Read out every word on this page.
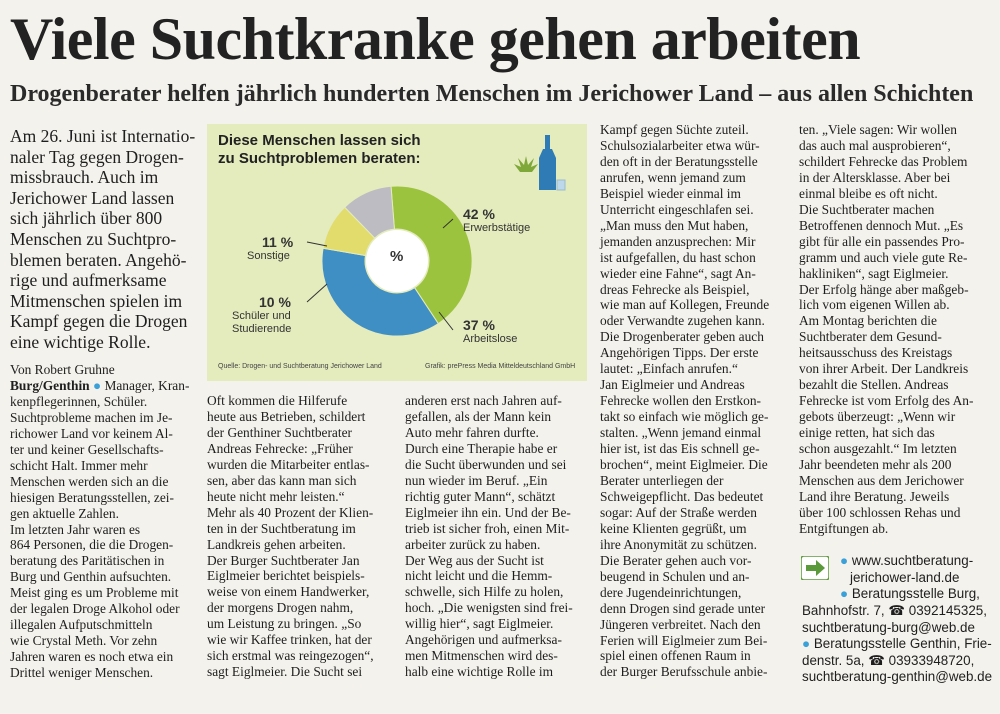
Viele Suchtkranke gehen arbeiten
Drogenberater helfen jährlich hunderten Menschen im Jerichower Land – aus allen Schichten
Am 26. Juni ist Internatio-
naler Tag gegen Drogen-
missbrauch. Auch im
Jerichower Land lassen
sich jährlich über 800
Menschen zu Suchtpro-
blemen beraten. Angehö-
rige und aufmerksame
Mitmenschen spielen im
Kampf gegen die Drogen
eine wichtige Rolle.
Diese Menschen lassen sich zu Suchtproblemen beraten:
42 %
Erwerbstätige
37 %
Arbeitslose
10 %
Schüler und Studierende
11 %
Sonstige	%
Quelle: Drogen- und Suchtberatung Jerichower Land	Grafik: prePress Media Mitteldeutschland GmbH
Von Robert Gruhne
Burg/Genthin ● Manager, Kran-
kenpflegerinnen, Schüler.
Suchtprobleme machen im Je-
richower Land vor keinem Al-
ter und keiner Gesellschafts-
schicht Halt. Immer mehr
Menschen werden sich an die
hiesigen Beratungsstellen, zei-
gen aktuelle Zahlen.
Im letzten Jahr waren es
864 Personen, die die Drogen-
beratung des Paritätischen in
Burg und Genthin aufsuchten.
Meist ging es um Probleme mit
der legalen Droge Alkohol oder
illegalen Aufputschmitteln
wie Crystal Meth. Vor zehn
Jahren waren es noch etwa ein
Drittel weniger Menschen.
Oft kommen die Hilferufe
heute aus Betrieben, schildert
der Genthiner Suchtberater
Andreas Fehrecke: „Früher
wurden die Mitarbeiter entlas-
sen, aber das kann man sich
heute nicht mehr leisten.“
Mehr als 40 Prozent der Klien-
ten in der Suchtberatung im
Landkreis gehen arbeiten.
Der Burger Suchtberater Jan
Eiglmeier berichtet beispiels-
weise von einem Handwerker,
der morgens Drogen nahm,
um Leistung zu bringen. „So
wie wir Kaffee trinken, hat der
sich erstmal was reingezogen“,
sagt Eiglmeier. Die Sucht sei
anderen erst nach Jahren auf-
gefallen, als der Mann kein
Auto mehr fahren durfte.
Durch eine Therapie habe er
die Sucht überwunden und sei
nun wieder im Beruf. „Ein
richtig guter Mann“, schätzt
Eiglmeier ihn ein. Und der Be-
trieb ist sicher froh, einen Mit-
arbeiter zurück zu haben.
Der Weg aus der Sucht ist
nicht leicht und die Hemm-
schwelle, sich Hilfe zu holen,
hoch. „Die wenigsten sind frei-
willig hier“, sagt Eiglmeier.
Angehörigen und aufmerksa-
men Mitmenschen wird des-
halb eine wichtige Rolle im
Kampf gegen Süchte zuteil.
Schulsozialarbeiter etwa wür-
den oft in der Beratungsstelle
anrufen, wenn jemand zum
Beispiel wieder einmal im
Unterricht eingeschlafen sei.
„Man muss den Mut haben,
jemanden anzusprechen: Mir
ist aufgefallen, du hast schon
wieder eine Fahne“, sagt An-
dreas Fehrecke als Beispiel,
wie man auf Kollegen, Freunde
oder Verwandte zugehen kann.
Die Drogenberater geben auch
Angehörigen Tipps. Der erste
lautet: „Einfach anrufen.“
Jan Eiglmeier und Andreas
Fehrecke wollen den Erstkon-
takt so einfach wie möglich ge-
stalten. „Wenn jemand einmal
hier ist, ist das Eis schnell ge-
brochen“, meint Eiglmeier. Die
Berater unterliegen der
Schweigepflicht. Das bedeutet
sogar: Auf der Straße werden
keine Klienten gegrüßt, um
ihre Anonymität zu schützen.
Die Berater gehen auch vor-
beugend in Schulen und an-
dere Jugendeinrichtungen,
denn Drogen sind gerade unter
Jüngeren verbreitet. Nach den
Ferien will Eiglmeier zum Bei-
spiel einen offenen Raum in
der Burger Berufsschule anbie-
ten. „Viele sagen: Wir wollen
das auch mal ausprobieren“,
schildert Fehrecke das Problem
in der Altersklasse. Aber bei
einmal bleibe es oft nicht.
Die Suchtberater machen
Betroffenen dennoch Mut. „Es
gibt für alle ein passendes Pro-
gramm und auch viele gute Re-
hakliniken“, sagt Eiglmeier.
Der Erfolg hänge aber maßgeb-
lich vom eigenen Willen ab.
Am Montag berichten die
Suchtberater dem Gesund-
heitsausschuss des Kreistags
von ihrer Arbeit. Der Landkreis
bezahlt die Stellen. Andreas
Fehrecke ist vom Erfolg des An-
gebots überzeugt: „Wenn wir
einige retten, hat sich das
schon ausgezahlt.“ Im letzten
Jahr beendeten mehr als 200
Menschen aus dem Jerichower
Land ihre Beratung. Jeweils
über 100 schlossen Rehas und
Entgiftungen ab.
● www.suchtberatung-
jerichower-land.de
● Beratungsstelle Burg,
Bahnhofstr. 7, ☎ 0392145325,
suchtberatung-burg@web.de
● Beratungsstelle Genthin, Frie-
denstr. 5a, ☎ 03933948720,
suchtberatung-genthin@web.de
